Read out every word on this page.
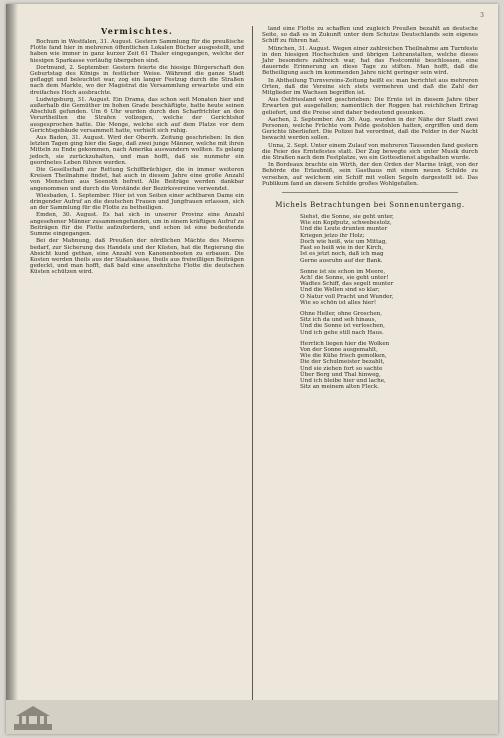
3
Vermischtes.
Bochum in Westfalen, 31. August. Gestern Sammlung für die preußische Flotte fand hier in mehreren öffentlichen Lokalen Bücher ausgestellt, und haben wie immer in ganz kurzer Zeit 61 Thaler eingegangen, welche der hiesigen Sparkasse vorläufig übergeben sind.
Dortmund, 2. September. Gestern feierte die hiesige Bürgerschaft den Geburtstag des Königs in festlicher Weise. Während die ganze Stadt geflaggt und beleuchtet war, zog ein langer Festzug durch die Straßen nach dem Markte, wo der Magistrat die Versammlung erwartete und ein dreifaches Hoch ausbrachte.
Ludwigsburg, 31. August. Ein Drama, das schon seit Monaten hier und außerhalb die Gemüther im hohen Grade beschäftigte, hatte heute seinen Abschluß gefunden. Um 6 Uhr wurden durch den Scharfrichter an den Verurtheilten die Strafen vollzogen, welche der Gerichtshof ausgesprochen hatte. Die Menge, welche sich auf dem Platze vor dem Gerichtsgebäude versammelt hatte, verhielt sich ruhig.
Aus Baden, 31. August. Wird der Oberrh. Zeitung geschrieben: In den letzten Tagen ging hier die Sage, daß zwei junge Männer, welche mit ihren Mitteln zu Ende gekommen, nach Amerika auswandern wollten. Es gelang jedoch, sie zurückzuhalten, und man hofft, daß sie nunmehr ein geordnetes Leben führen werden.
Die Gesellschaft zur Rettung Schiffbrüchiger, die in immer weiteren Kreisen Theilnahme findet, hat auch in diesem Jahre eine große Anzahl von Menschen aus Seenoth befreit. Alle Beiträge werden dankbar angenommen und durch die Vorstände der Bezirksvereine verwendet.
Wiesbaden, 1. September. Hier ist von Seiten einer achtbaren Dame ein dringender Aufruf an die deutschen Frauen und Jungfrauen erlassen, sich an der Sammlung für die Flotte zu betheiligen.
Emden, 30. August. Es hat sich in unserer Provinz eine Anzahl angesehener Männer zusammengefunden, um in einem kräftigen Aufruf zu Beiträgen für die Flotte aufzufordern, und schon ist eine bedeutende Summe eingegangen.
Bei der Mahnung, daß Preußen der nördlichen Mächte des Meeres bedarf, zur Sicherung des Handels und der Küsten, hat die Regierung die Absicht kund gethan, eine Anzahl von Kanonenbooten zu erbauen. Die Kosten werden theils aus der Staatskasse, theils aus freiwilligen Beiträgen gedeckt, und man hofft, daß bald eine ansehnliche Flotte die deutschen Küsten schützen wird.
land eine Flotte zu schaffen und zugleich Preußen bezahlt an deutsche Seite, so daß es in Zukunft unter dem Schutze Deutschlands sein eigenes Schiff zu führen hat.
München, 31. August. Wegen einer zahlreichen Theilnahme am Turnfeste in den hiesigen Hochschulen und übrigen Lehranstalten, welche dieses Jahr besonders zahlreich war, hat das Festcomité beschlossen, eine dauernde Erinnerung an diese Tage zu stiften. Man hofft, daß die Betheiligung auch im kommenden Jahre nicht geringer sein wird.
In Abtheilung Turnvereins-Zeitung heißt es: man berichtet aus mehreren Orten, daß die Vereine sich stets vermehren und daß die Zahl der Mitglieder im Wachsen begriffen ist.
Aus Ostfriesland wird geschrieben: Die Ernte ist in diesem Jahre über Erwarten gut ausgefallen; namentlich der Roggen hat reichlichen Ertrag geliefert, und die Preise sind daher bedeutend gesunken.
Aachen, 2. September. Am 30. Aug. wurden in der Nähe der Stadt zwei Personen, welche Früchte vom Felde gestohlen hatten, ergriffen und dem Gerichte überliefert. Die Polizei hat verordnet, daß die Felder in der Nacht bewacht werden sollen.
Unna, 2. Sept. Unter einem Zulauf von mehreren Tausenden fand gestern die Feier des Erntefestes statt. Der Zug bewegte sich unter Musik durch die Straßen nach dem Festplatze, wo ein Gottesdienst abgehalten wurde.
In Bordeaux brachte ein Wirth, der den Orden der Marine trägt, von der Behörde die Erlaubniß, sein Gasthaus mit einem neuen Schilde zu versehen, auf welchem ein Schiff mit vollen Segeln dargestellt ist. Das Publikum fand an diesem Schilde großes Wohlgefallen.
Michels Betrachtungen bei Sonnenuntergang.
Siehst, die Sonne, sie geht unter,
Wie ein Kopfputz, schwebestolz,
Und die Leute drunten munter
Kriegen jetzo ihr Holz;
Doch wie heiß, wie um Mittag,
Fast so heiß wie in der Kirch,
Ist es jetzt noch, daß ich mag
Gerne ausruhn auf der Bank.
Sonne ist sie schon im Meere,
Ach! die Sonne, sie geht unter!
Wadtes Schiff, das segelt munter
Und die Wellen sind so klar;
O Natur voll Pracht und Wunder,
Wie so schön ist alles hier!
Ohne Heller, ohne Groschen,
Sitz ich da und seh hinaus,
Und die Sonne ist verloschen,
Und ich gehe still nach Haus.
Herrlich liegen hier die Wolken
Von der Sonne ausgemahlt,
Wie die Kühe frisch gemolken,
Die der Schulmeister bezahlt,
Und sie ziehen fort so sachte
Über Berg und Thal hinweg,
Und ich bleibe hier und lache,
Sitz an meinem alten Fleck.
